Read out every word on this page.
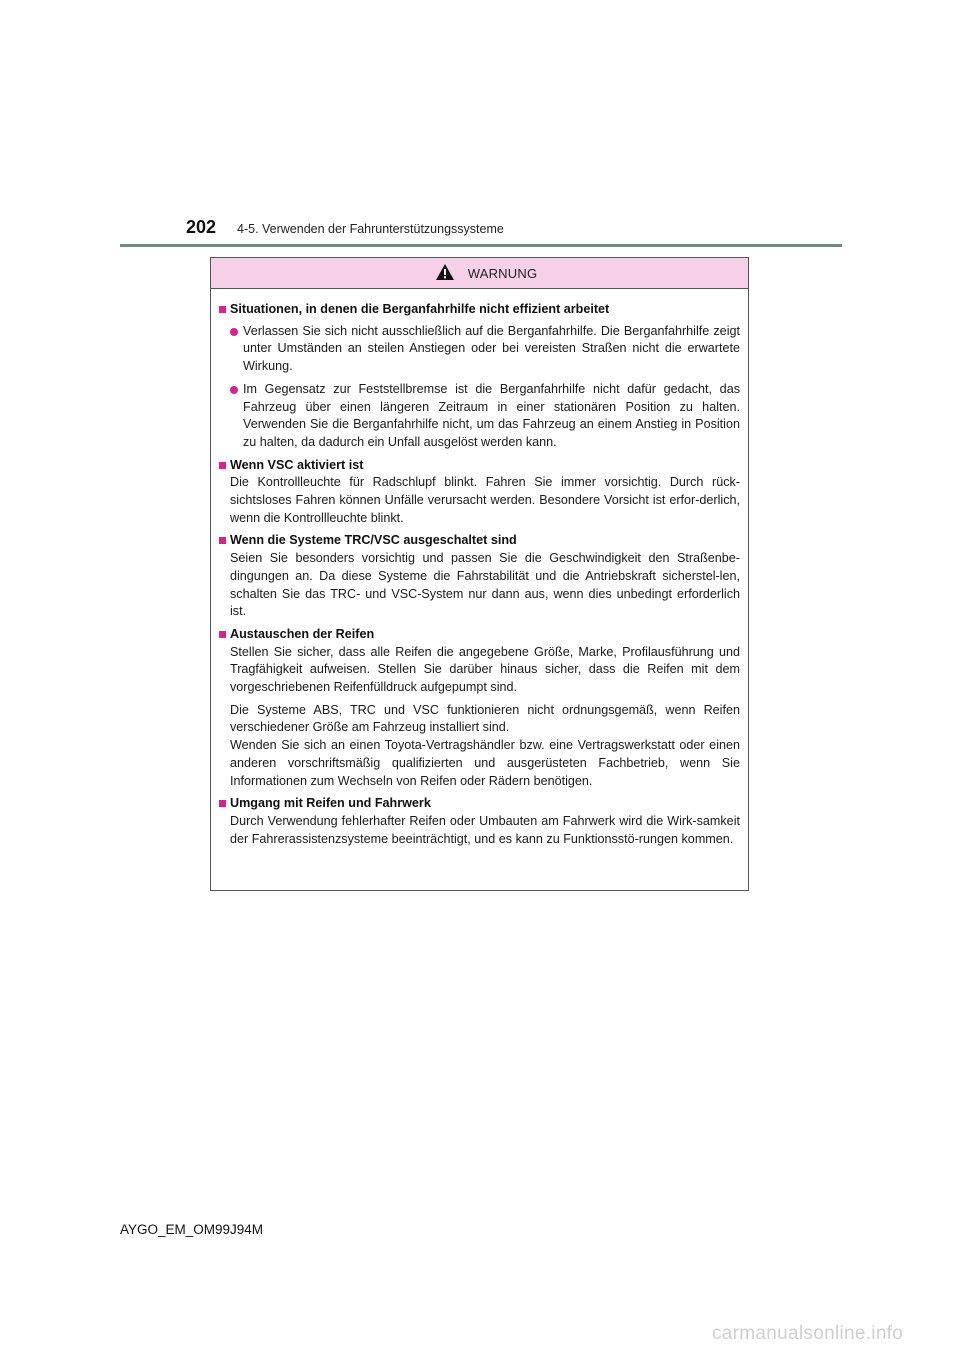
202 4-5. Verwenden der Fahrunterstützungssysteme
WARNUNG
Situationen, in denen die Berganfahrhilfe nicht effizient arbeitet
Verlassen Sie sich nicht ausschließlich auf die Berganfahrhilfe. Die Berganfahrhilfe zeigt unter Umständen an steilen Anstiegen oder bei vereisten Straßen nicht die erwartete Wirkung.
Im Gegensatz zur Feststellbremse ist die Berganfahrhilfe nicht dafür gedacht, das Fahrzeug über einen längeren Zeitraum in einer stationären Position zu halten. Verwenden Sie die Berganfahrhilfe nicht, um das Fahrzeug an einem Anstieg in Position zu halten, da dadurch ein Unfall ausgelöst werden kann.
Wenn VSC aktiviert ist
Die Kontrollleuchte für Radschlupf blinkt. Fahren Sie immer vorsichtig. Durch rück-sichtsloses Fahren können Unfälle verursacht werden. Besondere Vorsicht ist erfor-derlich, wenn die Kontrollleuchte blinkt.
Wenn die Systeme TRC/VSC ausgeschaltet sind
Seien Sie besonders vorsichtig und passen Sie die Geschwindigkeit den Straßenbe-dingungen an. Da diese Systeme die Fahrstabilität und die Antriebskraft sicherstel-len, schalten Sie das TRC- und VSC-System nur dann aus, wenn dies unbedingt erforderlich ist.
Austauschen der Reifen
Stellen Sie sicher, dass alle Reifen die angegebene Größe, Marke, Profilausführung und Tragfähigkeit aufweisen. Stellen Sie darüber hinaus sicher, dass die Reifen mit dem vorgeschriebenen Reifenfülldruck aufgepumpt sind.
Die Systeme ABS, TRC und VSC funktionieren nicht ordnungsgemäß, wenn Reifen verschiedener Größe am Fahrzeug installiert sind.
Wenden Sie sich an einen Toyota-Vertragshändler bzw. eine Vertragswerkstatt oder einen anderen vorschriftsmäßig qualifizierten und ausgerüsteten Fachbetrieb, wenn Sie Informationen zum Wechseln von Reifen oder Rädern benötigen.
Umgang mit Reifen und Fahrwerk
Durch Verwendung fehlerhafter Reifen oder Umbauten am Fahrwerk wird die Wirk-samkeit der Fahrerassistenzsysteme beeinträchtigt, und es kann zu Funktionsstö-rungen kommen.
AYGO_EM_OM99J94M
carmanualsonline.info
